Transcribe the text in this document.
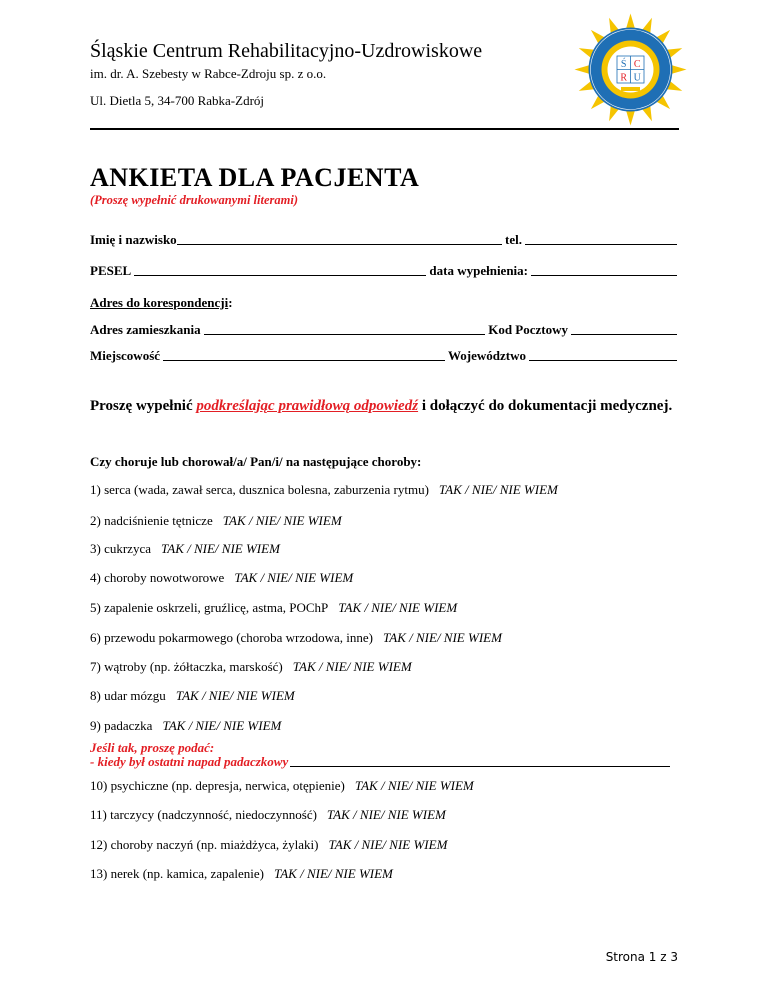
Śląskie Centrum Rehabilitacyjno-Uzdrowiskowe
im. dr. A. Szebesty w Rabce-Zdroju sp. z o.o.
Ul. Dietla 5, 34-700 Rabka-Zdrój
Ś C
R U
ANKIETA DLA PACJENTA
(Proszę wypełnić drukowanymi literami)
Imię i nazwisko	tel.
PESEL	data wypełnienia:
Adres do korespondencji:
Adres zamieszkania	Kod Pocztowy
Miejscowość	Województwo
Proszę wypełnić podkreślając prawidłową odpowiedź i dołączyć do dokumentacji medycznej.
Czy choruje lub chorował/a/ Pan/i/ na następujące choroby:
1) serca (wada, zawał serca, dusznica bolesna, zaburzenia rytmu) TAK / NIE/ NIE WIEM
2) nadciśnienie tętnicze TAK / NIE/ NIE WIEM
3) cukrzyca TAK / NIE/ NIE WIEM
4) choroby nowotworowe TAK / NIE/ NIE WIEM
5) zapalenie oskrzeli, gruźlicę, astma, POChP TAK / NIE/ NIE WIEM
6) przewodu pokarmowego (choroba wrzodowa, inne) TAK / NIE/ NIE WIEM
7) wątroby (np. żółtaczka, marskość) TAK / NIE/ NIE WIEM
8) udar mózgu TAK / NIE/ NIE WIEM
9) padaczka TAK / NIE/ NIE WIEM
10) psychiczne (np. depresja, nerwica, otępienie) TAK / NIE/ NIE WIEM
11) tarczycy (nadczynność, niedoczynność) TAK / NIE/ NIE WIEM
12) choroby naczyń (np. miażdżyca, żylaki) TAK / NIE/ NIE WIEM
13) nerek (np. kamica, zapalenie) TAK / NIE/ NIE WIEM
Jeśli tak, proszę podać:
- kiedy był ostatni napad padaczkowy
Strona 1 z 3
